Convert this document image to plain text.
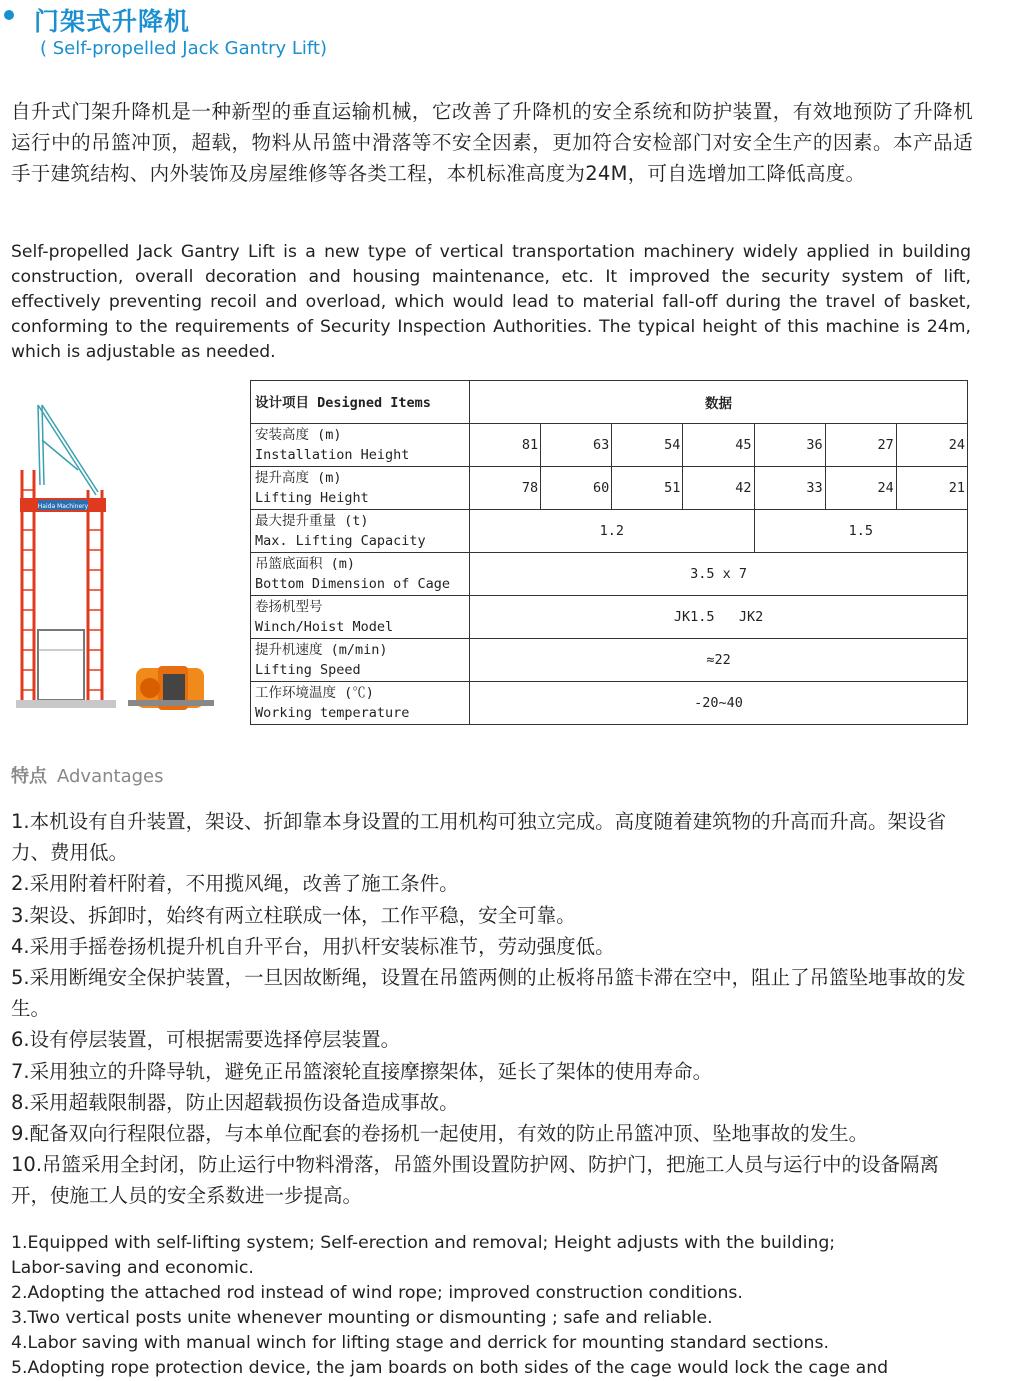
门架式升降机
( Self-propelled Jack Gantry Lift)
自升式门架升降机是一种新型的垂直运输机械，它改善了升降机的安全系统和防护装置，有效地预防了升降机运行中的吊篮冲顶，超载，物料从吊篮中滑落等不安全因素，更加符合安检部门对安全生产的因素。本产品适手于建筑结构、内外装饰及房屋维修等各类工程，本机标准高度为24M，可自选增加工降低高度。
Self-propelled Jack Gantry Lift is a new type of vertical transportation machinery widely applied in building construction, overall decoration and housing maintenance, etc. It improved the security system of lift, effectively preventing recoil and overload, which would lead to material fall-off during the travel of basket, conforming to the requirements of Security Inspection Authorities. The typical height of this machine is 24m, which is adjustable as needed.
Haida Machinery
设计项目 Designed Items	数据						
安装高度 (m)
Installation Height	81	63	54	45	36	27	24
提升高度 (m)
Lifting Height	78	60	51	42	33	24	21
最大提升重量 (t)
Max. Lifting Capacity	1.2				1.5		
吊篮底面积 (m)
Bottom Dimension of Cage	3.5 x 7						
卷扬机型号
Winch/Hoist Model	JK1.5   JK2						
提升机速度 (m/min)
Lifting Speed	≈22						
工作环境温度 (℃)
Working temperature	-20~40						
特点 Advantages

1.本机设有自升装置，架设、折卸靠本身设置的工用机构可独立完成。高度随着建筑物的升高而升高。架设省力、费用低。

2.采用附着杆附着，不用揽风绳，改善了施工条件。

3.架设、拆卸时，始终有两立柱联成一体，工作平稳，安全可靠。

4.采用手摇卷扬机提升机自升平台，用扒杆安装标准节，劳动强度低。

5.采用断绳安全保护装置，一旦因故断绳，设置在吊篮两侧的止板将吊篮卡滞在空中，阻止了吊篮坠地事故的发生。

6.设有停层装置，可根据需要选择停层装置。

7.采用独立的升降导轨，避免正吊篮滚轮直接摩擦架体，延长了架体的使用寿命。

8.采用超载限制器，防止因超载损伤设备造成事故。

9.配备双向行程限位器，与本单位配套的卷扬机一起使用，有效的防止吊篮冲顶、坠地事故的发生。

10.吊篮采用全封闭，防止运行中物料滑落，吊篮外围设置防护网、防护门，把施工人员与运行中的设备隔离开，使施工人员的安全系数进一步提高。

1.Equipped with self-lifting system; Self-erection and removal; Height adjusts with the building;

Labor-saving and economic.

2.Adopting the attached rod instead of wind rope; improved construction conditions.

3.Two vertical posts unite whenever mounting or dismounting ; safe and reliable.

4.Labor saving with manual winch for lifting stage and derrick for mounting standard sections.

5.Adopting rope protection device, the jam boards on both sides of the cage would lock the cage and
